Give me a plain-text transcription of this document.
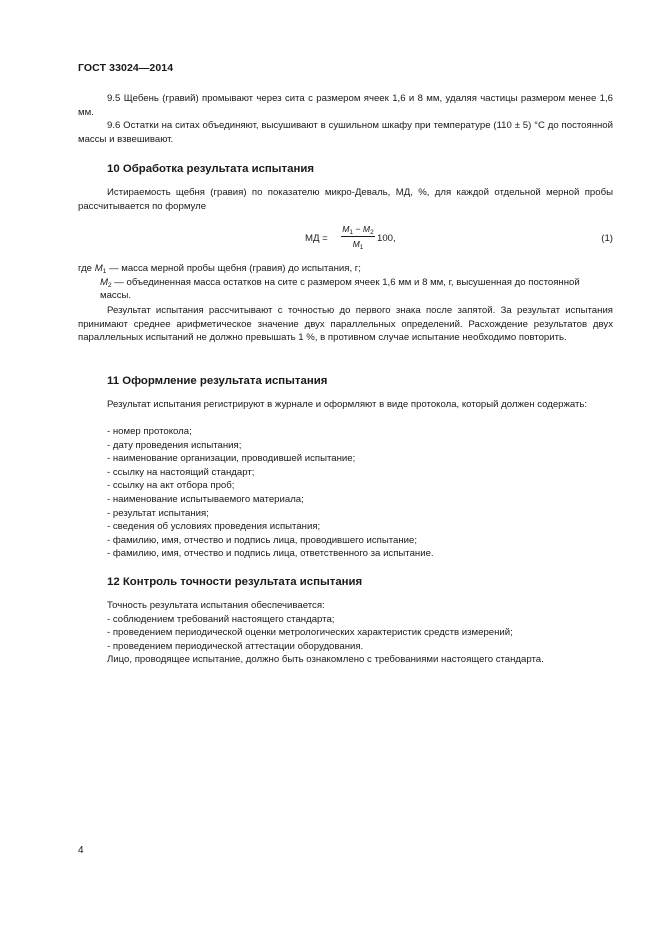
ГОСТ 33024—2014

9.5 Щебень (гравий) промывают через сита с размером ячеек 1,6 и 8 мм, удаляя частицы размером менее 1,6 мм.

9.6 Остатки на ситах объединяют, высушивают в сушильном шкафу при температуре (110 ± 5) °С до постоянной массы и взвешивают.

10 Обработка результата испытания

Истираемость щебня (гравия) по показателю микро-Деваль, МД, %, для каждой отдельной мерной пробы рассчитывается по формуле

МД =
$M_1 - M_2$
$M_1$
100,	(1)
где $M_1$ — масса мерной пробы щебня (гравия) до испытания, г;
$M_2$ — объединенная масса остатков на сите с размером ячеек 1,6 мм и 8 мм, г, высушенная до постоянной массы.

Результат испытания рассчитывают с точностью до первого знака после запятой. За результат испытания принимают среднее арифметическое значение двух параллельных определений. Расхождение результатов двух параллельных испытаний не должно превышать 1 %, в противном случае испытание необходимо повторить.

11 Оформление результата испытания

Результат испытания регистрируют в журнале и оформляют в виде протокола, который должен содержать:

- номер протокола;
- дату проведения испытания;
- наименование организации, проводившей испытание;
- ссылку на настоящий стандарт;
- ссылку на акт отбора проб;
- наименование испытываемого материала;
- результат испытания;
- сведения об условиях проведения испытания;
- фамилию, имя, отчество и подпись лица, проводившего испытание;
- фамилию, имя, отчество и подпись лица, ответственного за испытание.
12 Контроль точности результата испытания
Точность результата испытания обеспечивается:
- соблюдением требований настоящего стандарта;
- проведением периодической оценки метрологических характеристик средств измерений;
- проведением периодической аттестации оборудования.
Лицо, проводящее испытание, должно быть ознакомлено с требованиями настоящего стандарта.
4
